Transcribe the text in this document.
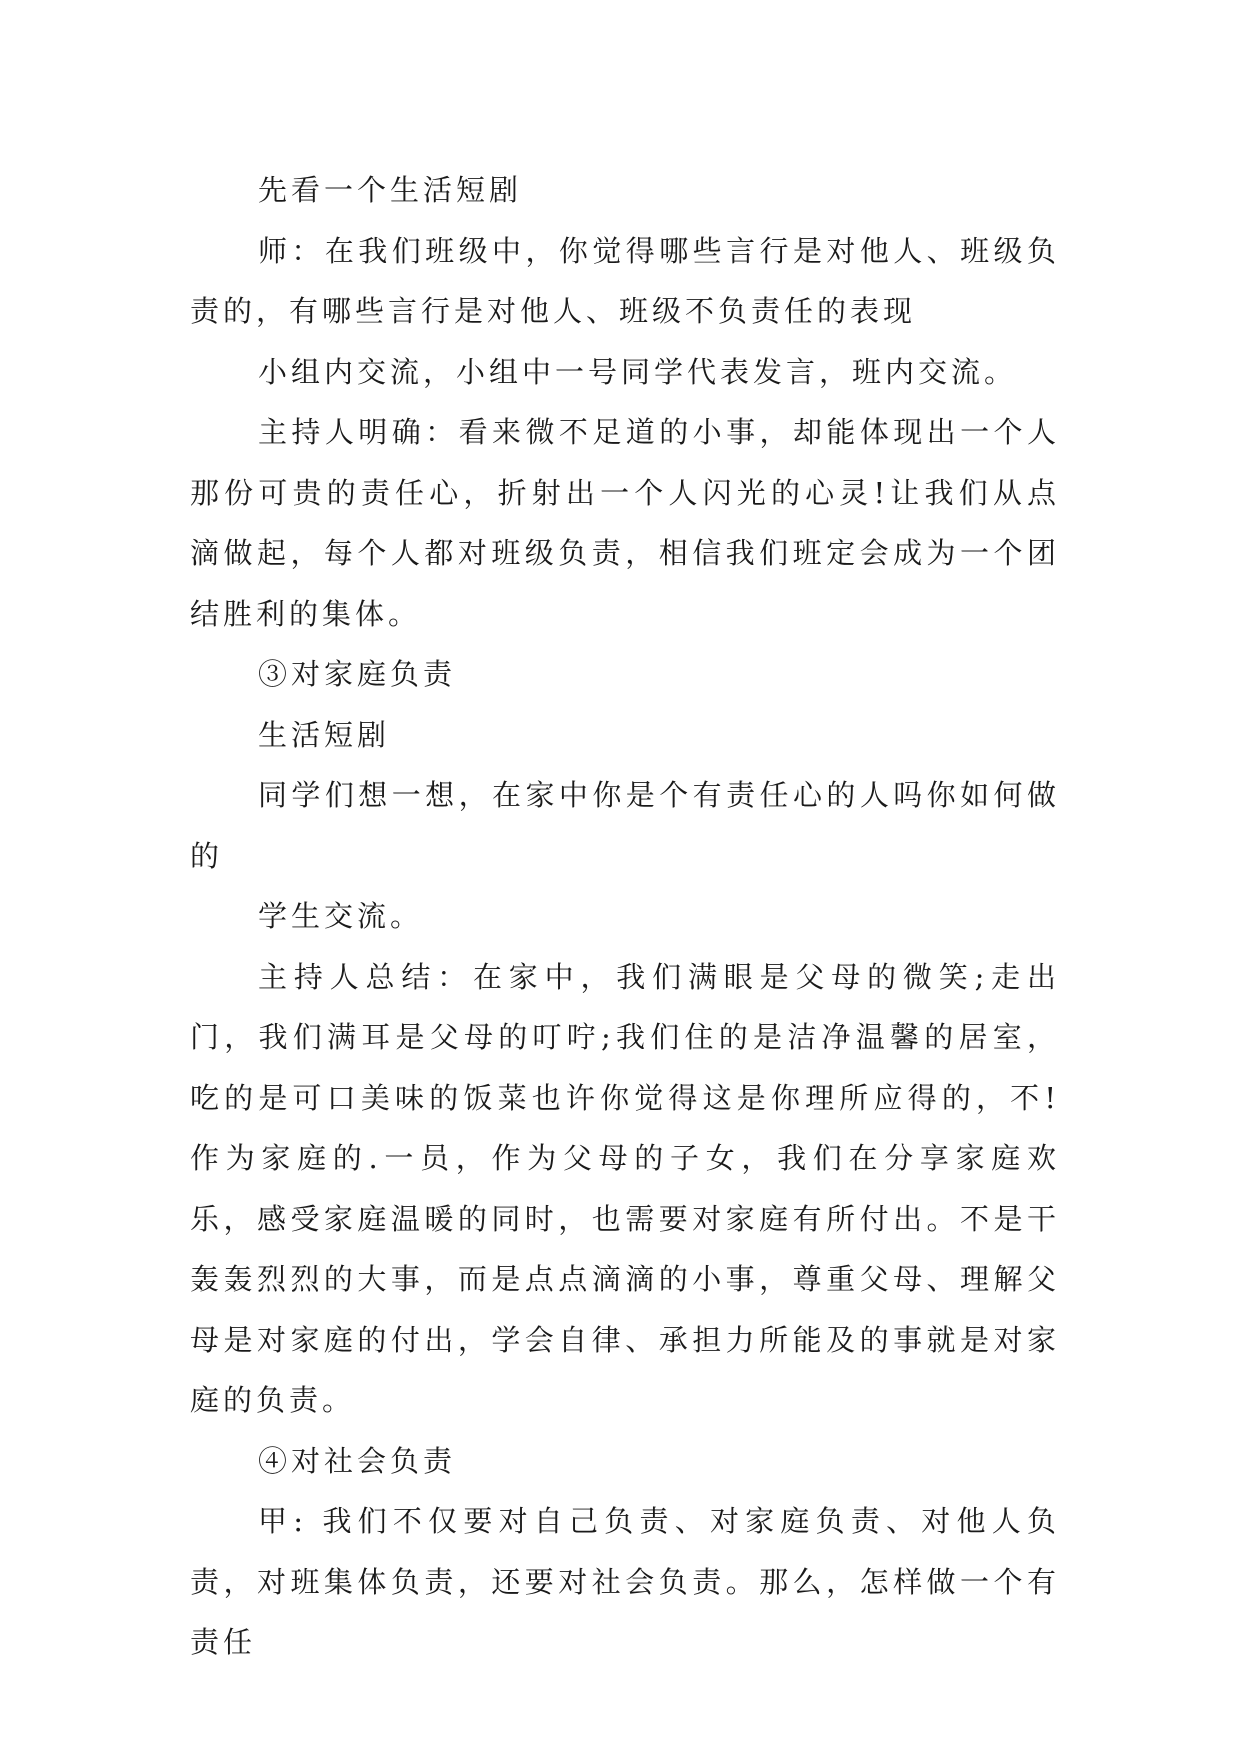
先看一个生活短剧

师：在我们班级中，你觉得哪些言行是对他人、班级负责的，有哪些言行是对他人、班级不负责任的表现

小组内交流，小组中一号同学代表发言，班内交流。

主持人明确：看来微不足道的小事，却能体现出一个人那份可贵的责任心，折射出一个人闪光的心灵!让我们从点滴做起，每个人都对班级负责，相信我们班定会成为一个团结胜利的集体。

③对家庭负责

生活短剧

同学们想一想，在家中你是个有责任心的人吗你如何做的

学生交流。

主持人总结：在家中，我们满眼是父母的微笑;走出门，我们满耳是父母的叮咛;我们住的是洁净温馨的居室，吃的是可口美味的饭菜也许你觉得这是你理所应得的，不!作为家庭的.一员，作为父母的子女，我们在分享家庭欢乐，感受家庭温暖的同时，也需要对家庭有所付出。不是干轰轰烈烈的大事，而是点点滴滴的小事，尊重父母、理解父母是对家庭的付出，学会自律、承担力所能及的事就是对家庭的负责。

④对社会负责

甲: 我们不仅要对自己负责、对家庭负责、对他人负责，对班集体负责，还要对社会负责。那么，怎样做一个有责任
